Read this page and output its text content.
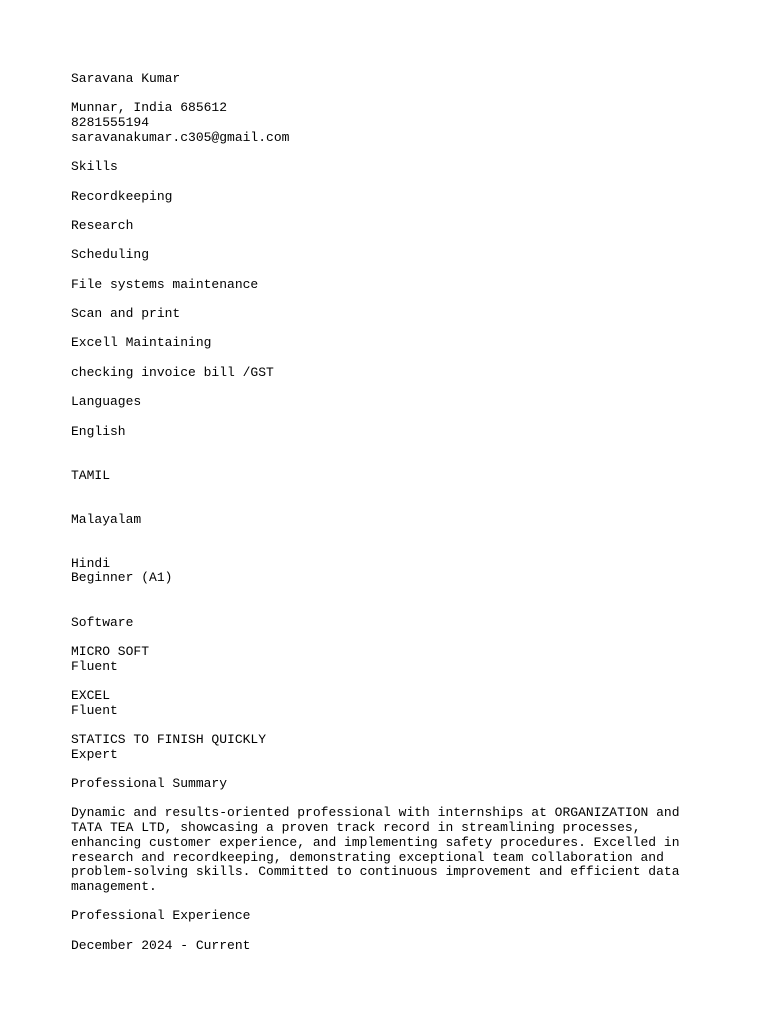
Saravana Kumar
Munnar, India 685612
8281555194
saravanakumar.c305@gmail.com
Skills
Recordkeeping
Research
Scheduling
File systems maintenance
Scan and print
Excell Maintaining
checking invoice bill /GST
Languages
English
TAMIL
Malayalam
Hindi
Beginner (A1)
Software
MICRO SOFT
Fluent
EXCEL
Fluent
STATICS TO FINISH QUICKLY
Expert
Professional Summary
Dynamic and results-oriented professional with internships at ORGANIZATION and TATA TEA LTD, showcasing a proven track record in streamlining processes, enhancing customer experience, and implementing safety procedures. Excelled in research and recordkeeping, demonstrating exceptional team collaboration and problem-solving skills. Committed to continuous improvement and efficient data management.
Professional Experience
December 2024 - Current
